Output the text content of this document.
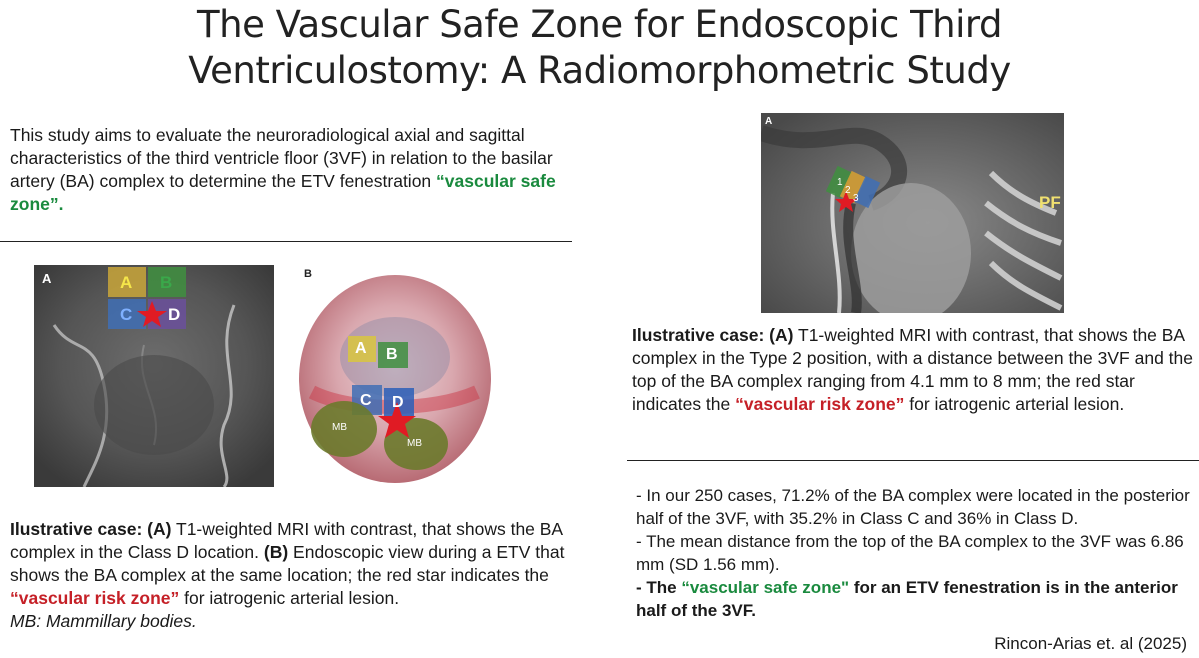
The Vascular Safe Zone for Endoscopic Third
Ventriculostomy: A Radiomorphometric Study
This study aims to evaluate the neuroradiological axial and sagittal characteristics of the third ventricle floor (3VF) in relation to the basilar artery (BA) complex to determine the ETV fenestration “vascular safe zone”.
A	A B
C D
B
A B
C D
MB
MB
Ilustrative case: (A) T1-weighted MRI with contrast, that shows the BA complex in the Class D location. (B) Endoscopic view during a ETV that shows the BA complex at the same location; the red star indicates the “vascular risk zone” for iatrogenic arterial lesion.
MB: Mammillary bodies.
A
1
2
3	PF
Ilustrative case: (A) T1-weighted MRI with contrast, that shows the BA complex in the Type 2 position, with a distance between the 3VF and the top of the BA complex ranging from 4.1 mm to 8 mm; the red star indicates the “vascular risk zone” for iatrogenic arterial lesion.
- In our 250 cases, 71.2% of the BA complex were located in the posterior half of the 3VF, with 35.2% in Class C and 36% in Class D.
- The mean distance from the top of the BA complex to the 3VF was 6.86 mm (SD 1.56 mm).
- The “vascular safe zone" for an ETV fenestration is in the anterior half of the 3VF.
Rincon-Arias et. al (2025)
